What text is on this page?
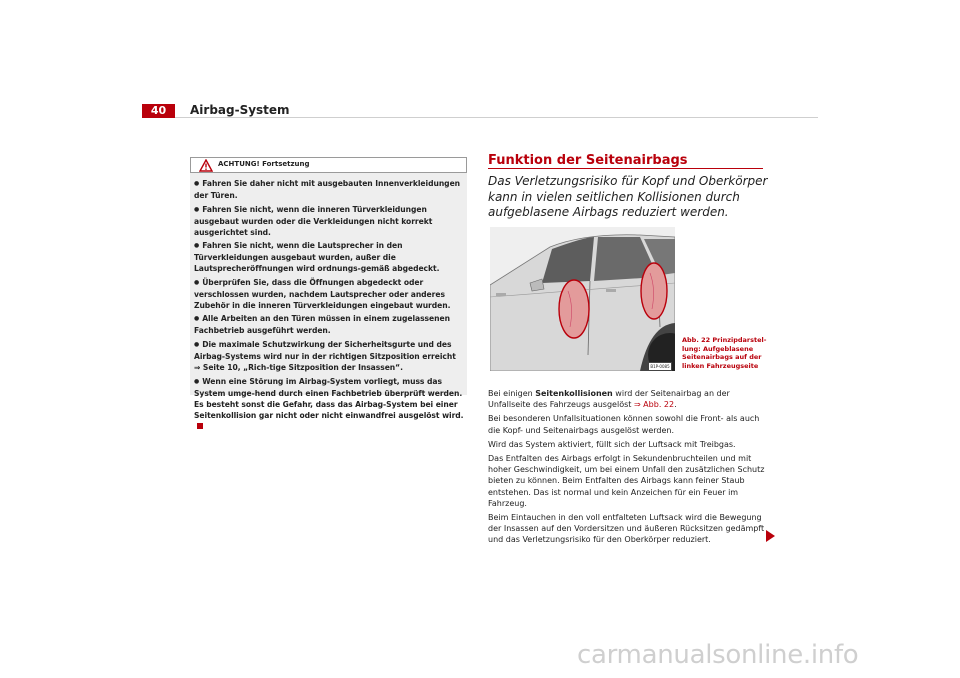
40	Airbag-System
ACHTUNG! Fortsetzung
● Fahren Sie daher nicht mit ausgebauten Innenverkleidungen der Türen.
● Fahren Sie nicht, wenn die inneren Türverkleidungen ausgebaut wurden oder die Verkleidungen nicht korrekt ausgerichtet sind.
● Fahren Sie nicht, wenn die Lautsprecher in den Türverkleidungen ausgebaut wurden, außer die Lautsprecheröffnungen wird ordnungs-gemäß abgedeckt.
● Überprüfen Sie, dass die Öffnungen abgedeckt oder verschlossen wurden, nachdem Lautsprecher oder anderes Zubehör in die inneren Türverkleidungen eingebaut wurden.
● Alle Arbeiten an den Türen müssen in einem zugelassenen Fachbetrieb ausgeführt werden.
● Die maximale Schutzwirkung der Sicherheitsgurte und des Airbag-Systems wird nur in der richtigen Sitzposition erreicht ⇒ Seite 10, „Rich-tige Sitzposition der Insassen“.
● Wenn eine Störung im Airbag-System vorliegt, muss das System umge-hend durch einen Fachbetrieb überprüft werden. Es besteht sonst die Gefahr, dass das Airbag-System bei einer Seitenkollision gar nicht oder nicht einwandfrei ausgelöst wird.
Funktion der Seitenairbags
Das Verletzungsrisiko für Kopf und Oberkörper kann in vielen seitlichen Kollisionen durch aufgeblasene Airbags reduziert werden.
B1P-0085
Abb. 22 Prinzipdarstel-lung: Aufgeblasene Seitenairbags auf der linken Fahrzeugseite

Bei einigen Seitenkollisionen wird der Seitenairbag an der Unfallseite des Fahrzeugs ausgelöst ⇒ Abb. 22.

Bei besonderen Unfallsituationen können sowohl die Front- als auch die Kopf- und Seitenairbags ausgelöst werden.

Wird das System aktiviert, füllt sich der Luftsack mit Treibgas.

Das Entfalten des Airbags erfolgt in Sekundenbruchteilen und mit hoher Geschwindigkeit, um bei einem Unfall den zusätzlichen Schutz bieten zu können. Beim Entfalten des Airbags kann feiner Staub entstehen. Das ist normal und kein Anzeichen für ein Feuer im Fahrzeug.

Beim Eintauchen in den voll entfalteten Luftsack wird die Bewegung der Insassen auf den Vordersitzen und äußeren Rücksitzen gedämpft und das Verletzungsrisiko für den Oberkörper reduziert.

carmanualsonline.info
